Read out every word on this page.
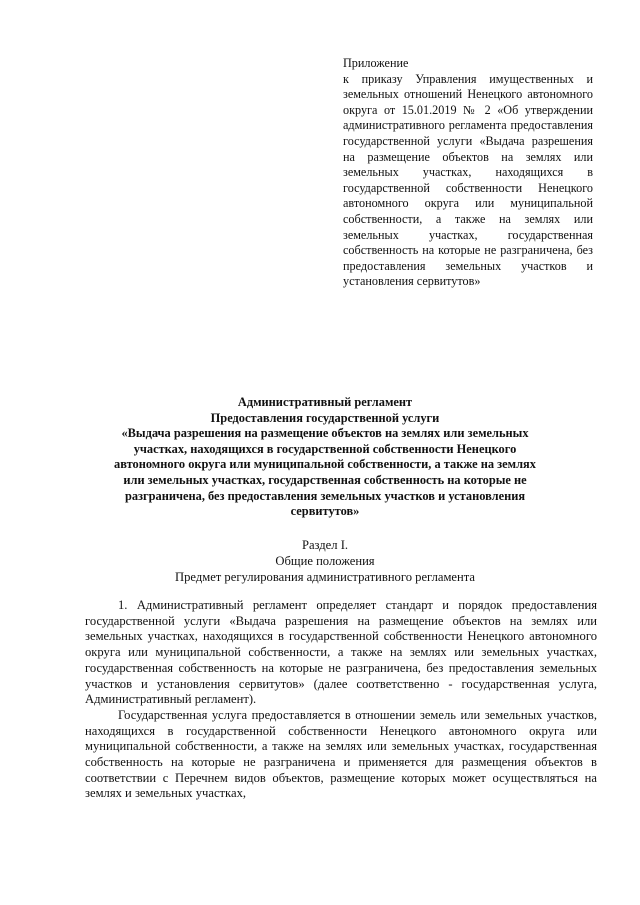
Приложение
к приказу Управления имущественных и земельных отношений Ненецкого автономного округа от 15.01.2019 № 2 «Об утверждении административного регламента предоставления государственной услуги «Выдача разрешения на размещение объектов на землях или земельных участках, находящихся в государственной собственности Ненецкого автономного округа или муниципальной собственности, а также на землях или земельных участках, государственная собственность на которые не разграничена, без предоставления земельных участков и установления сервитутов»
Административный регламент
Предоставления государственной услуги
«Выдача разрешения на размещение объектов на землях или земельных участках, находящихся в государственной собственности Ненецкого автономного округа или муниципальной собственности, а также на землях или земельных участках, государственная собственность на которые не разграничена, без предоставления земельных участков и установления сервитутов»
Раздел I.
Общие положения
Предмет регулирования административного регламента

1. Административный регламент определяет стандарт и порядок предоставления государственной услуги «Выдача разрешения на размещение объектов на землях или земельных участках, находящихся в государственной собственности Ненецкого автономного округа или муниципальной собственности, а также на землях или земельных участках, государственная собственность на которые не разграничена, без предоставления земельных участков и установления сервитутов» (далее соответственно - государственная услуга, Административный регламент).

Государственная услуга предоставляется в отношении земель или земельных участков, находящихся в государственной собственности Ненецкого автономного округа или муниципальной собственности, а также на землях или земельных участках, государственная собственность на которые не разграничена и применяется для размещения объектов в соответствии с Перечнем видов объектов, размещение которых может осуществляться на землях и земельных участках,
